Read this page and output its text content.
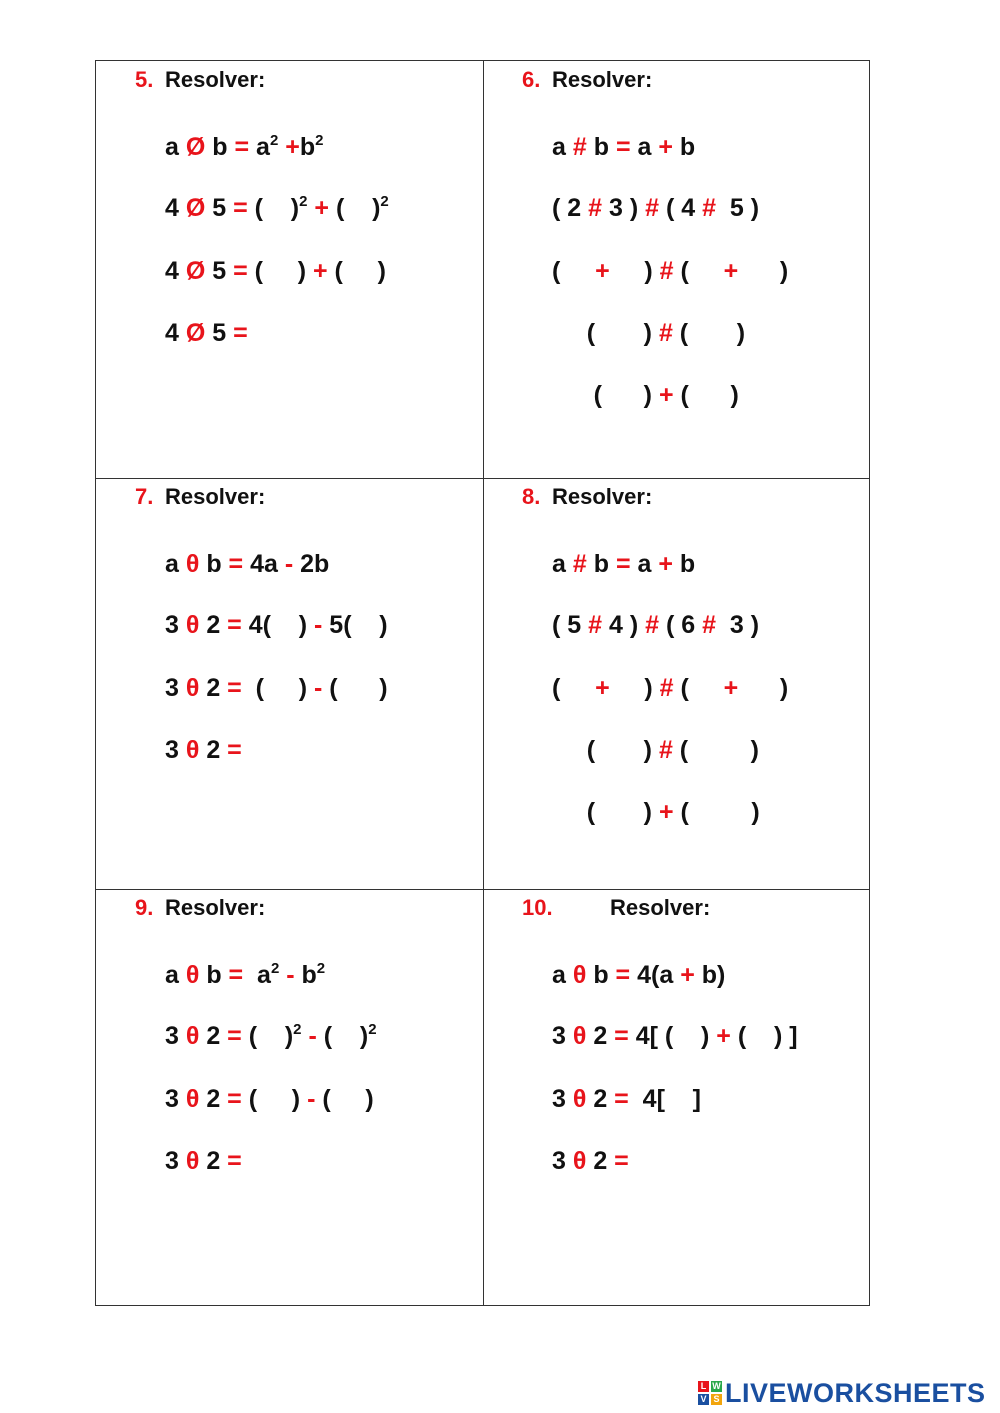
5. Resolver:
a Ø $b = a^2 +b^2$
4 Ø 5 = (    )$^2$ + (    )$^2$
4 Ø 5 = (     ) + (     )
4 Ø 5 =
6. Resolver:
a # b = a + b
( 2 # 3 ) # ( 4 #  5 )
(     +     ) # (     +      )
(       ) # (       )
(      ) + (      )
7. Resolver:
a θ b = 4a - 2b
3 θ 2 = 4(    ) - 5(    )
3 θ 2 =  (     ) - (      )
3 θ 2 =
8. Resolver:
a # b = a + b
( 5 # 4 ) # ( 6 #  3 )
(     +     ) # (     +      )
(       ) # (         )
(       ) + (         )
9. Resolver:
a θ $b = a^2 - b^2$
3 θ 2 = (    )$^2$ - (    )$^2$
3 θ 2 = (     ) - (     )
3 θ 2 =
10.	Resolver:
a θ b = 4(a + b)
3 θ 2 = 4[ (    ) + (    ) ]
3 θ 2 =  4[    ]
3 θ 2 =
L W
V S LIVEWORKSHEETS
